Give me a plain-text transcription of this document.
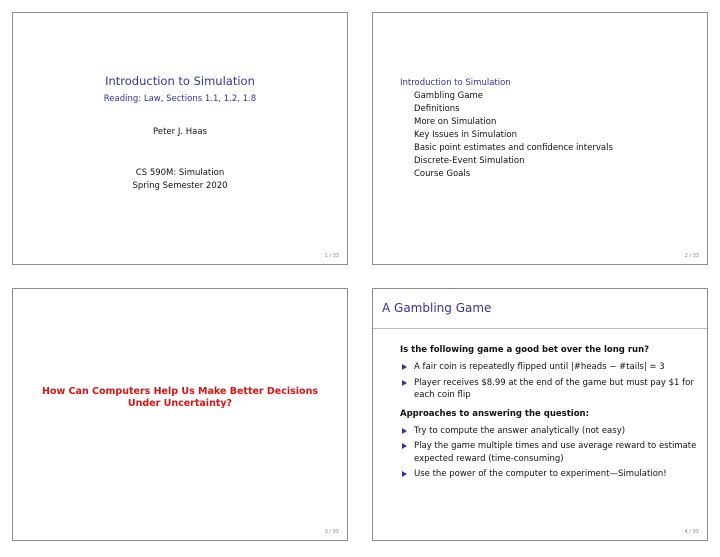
Introduction to Simulation
Reading: Law, Sections 1.1, 1.2, 1.8
Peter J. Haas
CS 590M: Simulation
Spring Semester 2020
1 / 33
Introduction to Simulation
Gambling Game
Definitions
More on Simulation
Key Issues in Simulation
Basic point estimates and confidence intervals
Discrete-Event Simulation
Course Goals
2 / 33
How Can Computers Help Us Make Better Decisions
Under Uncertainty?
3 / 33
A Gambling Game
Is the following game a good bet over the long run?
A fair coin is repeatedly flipped until |#heads − #tails| = 3
Player receives $8.99 at the end of the game but must pay $1 for each coin flip
Approaches to answering the question:
Try to compute the answer analytically (not easy)
Play the game multiple times and use average reward to estimate expected reward (time-consuming)
Use the power of the computer to experiment—Simulation!
4 / 33
